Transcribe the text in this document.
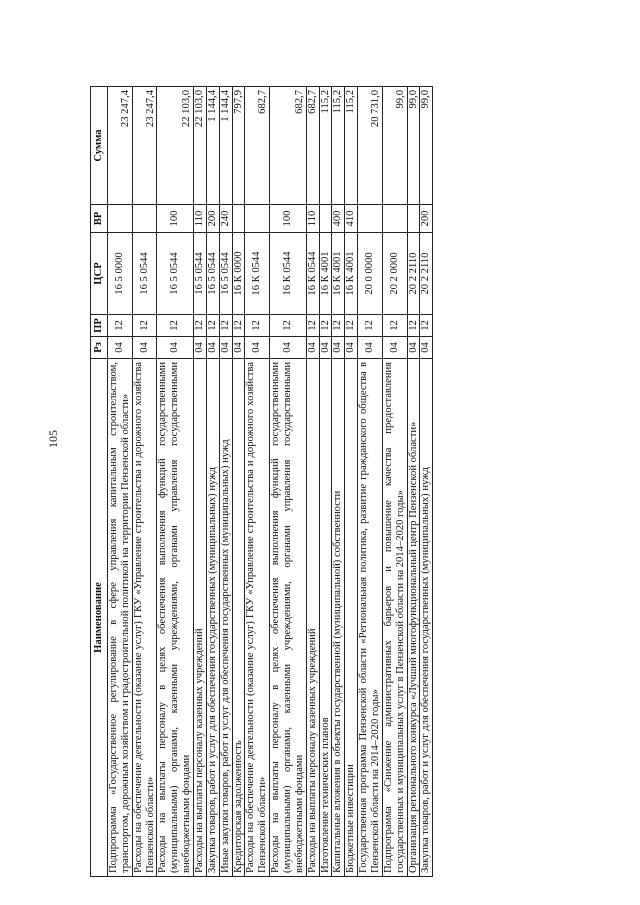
105
Наименование	Рз	ПР	ЦСР	ВР	Сумма
Подпрограмма «Государственное регулирование в сфере управления капитальным строительством, транспортом, дорожным хозяйством и градостроительной политикой на территории Пензенской области»	04	12	16 5 0000		23 247,4
Расходы на обеспечение деятельности (оказание услуг) ГКУ «Управление строительства и дорожного хозяйства Пензенской области»	04	12	16 5 0544		23 247,4
Расходы на выплаты персоналу в целях обеспечения выполнения функций государственными (муниципальными) органами, казенными учреждениями, органами управления государственными внебюджетными фондами	04	12	16 5 0544	100	22 103,0
Расходы на выплаты персоналу казенных учреждений	04	12	16 5 0544	110	22 103,0
Закупка товаров, работ и услуг для обеспечения государственных (муниципальных) нужд	04	12	16 5 0544	200	1 144,4
Иные закупки товаров, работ и услуг для обеспечения государственных (муниципальных) нужд	04	12	16 5 0544	240	1 144,4
Кредиторская задолженность	04	12	16 К 0000		797,9
Расходы на обеспечение деятельности (оказание услуг) ГКУ «Управление строительства и дорожного хозяйства Пензенской области»	04	12	16 К 0544		682,7
Расходы на выплаты персоналу в целях обеспечения выполнения функций государственными (муниципальными) органами, казенными учреждениями, органами управления государственными внебюджетными фондами	04	12	16 К 0544	100	682,7
Расходы на выплаты персоналу казенных учреждений	04	12	16 К 0544	110	682,7
Изготовление технических планов	04	12	16 К 4001		115,2
Капитальные вложения в объекты государственной (муниципальной) собственности	04	12	16 К 4001	400	115,2
Бюджетные инвестиции	04	12	16 К 4001	410	115,2
Государственная программа Пензенской области «Региональная политика, развитие гражданского общества в Пензенской области на 2014–2020 годы»	04	12	20 0 0000		20 731,0
Подпрограмма «Снижение административных барьеров и повышение качества предоставления государственных и муниципальных услуг в Пензенской области на 2014–2020 годы»	04	12	20 2 0000		99,0
Организация регионального конкурса «Лучший многофункциональный центр Пензенской области»	04	12	20 2 2110		99,0
Закупка товаров, работ и услуг для обеспечения государственных (муниципальных) нужд	04	12	20 2 2110	200	99,0
